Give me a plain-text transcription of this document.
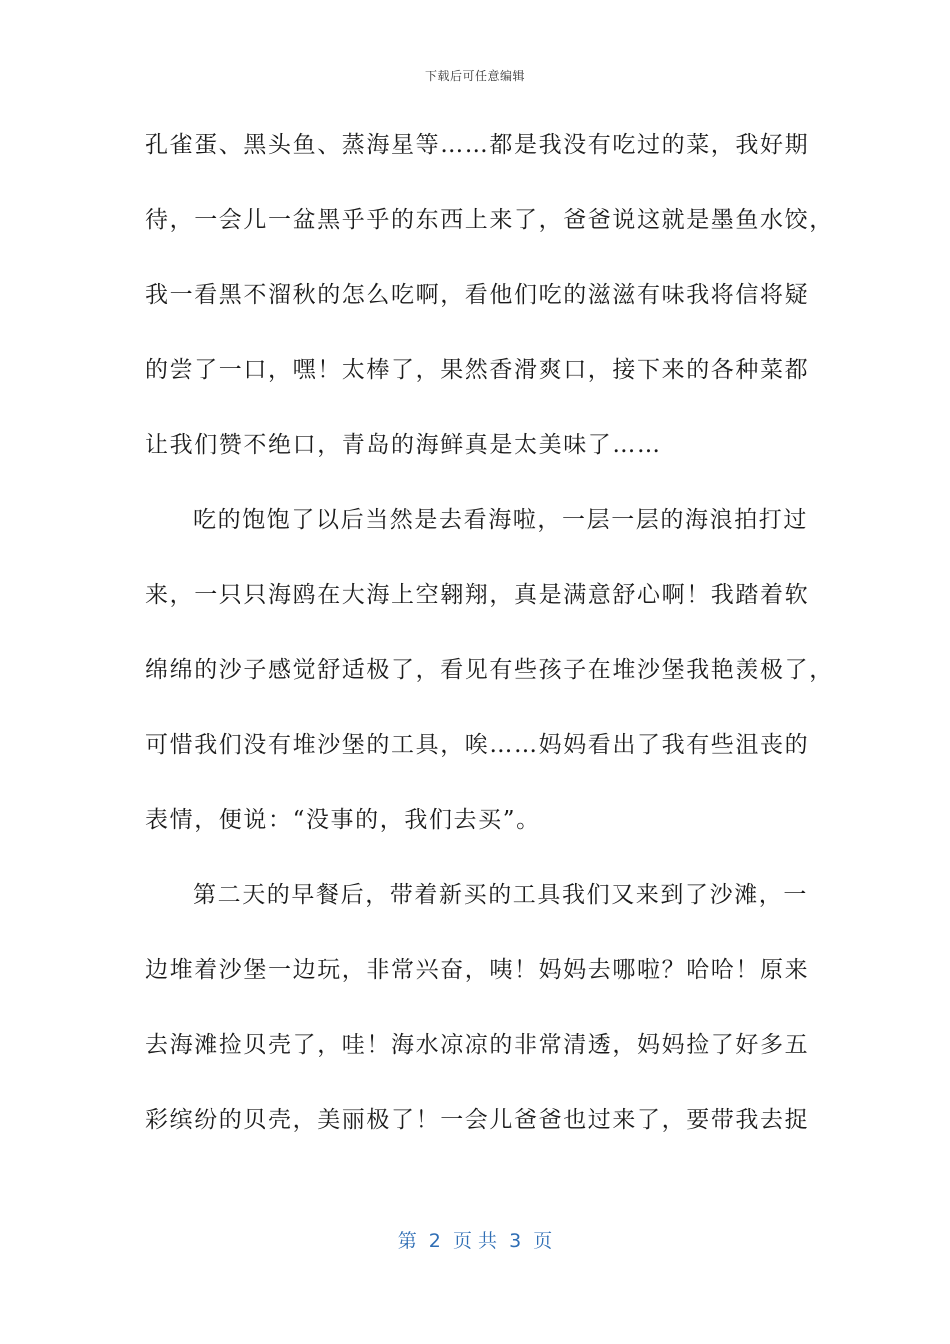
下载后可任意编辑
孔雀蛋、黑头鱼、蒸海星等……都是我没有吃过的菜，我好期
待，一会儿一盆黑乎乎的东西上来了，爸爸说这就是墨鱼水饺，
我一看黑不溜秋的怎么吃啊，看他们吃的滋滋有味我将信将疑
的尝了一口，嘿！太棒了，果然香滑爽口，接下来的各种菜都
让我们赞不绝口，青岛的海鲜真是太美味了……
吃的饱饱了以后当然是去看海啦，一层一层的海浪拍打过
来，一只只海鸥在大海上空翱翔，真是满意舒心啊！我踏着软
绵绵的沙子感觉舒适极了，看见有些孩子在堆沙堡我艳羡极了，
可惜我们没有堆沙堡的工具，唉……妈妈看出了我有些沮丧的
表情，便说：“没事的，我们去买”。
第二天的早餐后，带着新买的工具我们又来到了沙滩，一
边堆着沙堡一边玩，非常兴奋，咦！妈妈去哪啦？哈哈！原来
去海滩捡贝壳了，哇！海水凉凉的非常清透，妈妈捡了好多五
彩缤纷的贝壳，美丽极了！一会儿爸爸也过来了，要带我去捉
第  2  页 共  3  页
